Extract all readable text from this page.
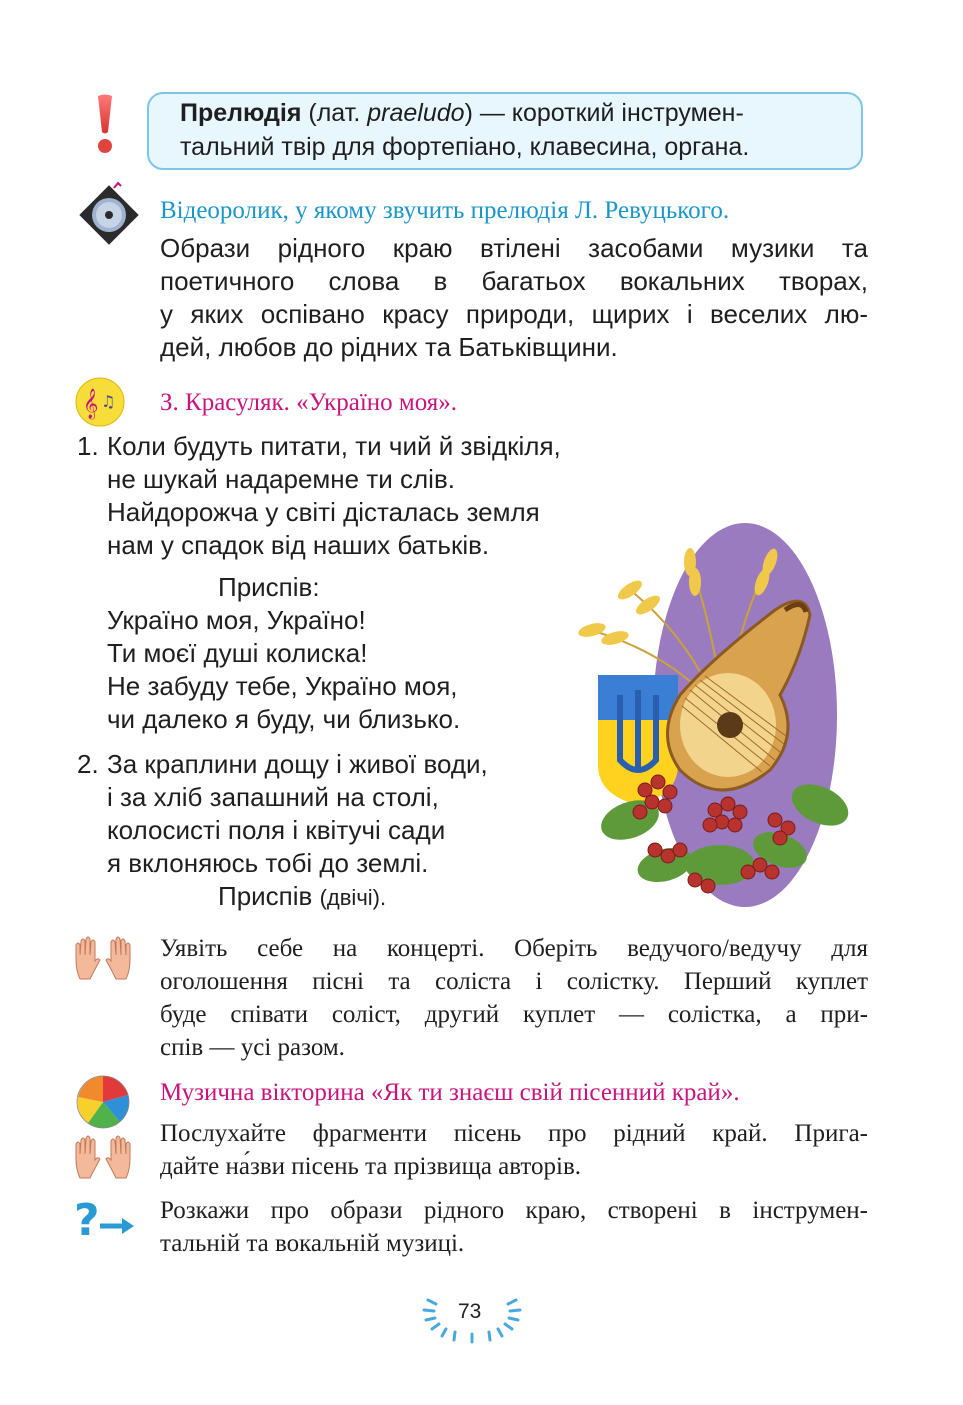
Прелюдія (лат. praeludo) — короткий інструмен-
тальний твір для фортепіано, клавесина, органа.
Відеоролик, у якому звучить прелюдія Л. Ревуцького.
Образи рідного краю втілені засобами музики та
поетичного слова в багатьох вокальних творах,
у яких оспівано красу природи, щирих і веселих лю-
дей, любов до рідних та Батьківщини.
𝄞 ♫ З. Красуляк. «Україно моя».
1. Коли будуть питати, ти чий й звідкіля,
не шукай надаремне ти слів.
Найдорожча у світі дісталась земля
нам у спадок від наших батьків.
Приспів:
Україно моя, Україно!
Ти моєї душі колиска!
Не забуду тебе, Україно моя,
чи далеко я буду, чи близько.
2. За краплини дощу і живої води,
і за хліб запашний на столі,
колосисті поля і квітучі сади
я вклоняюсь тобі до землі.
Приспів (двічі).
Уявіть себе на концерті. Оберіть ведучого/ведучу для
оголошення пісні та соліста і солістку. Перший куплет
буде співати соліст, другий куплет — солістка, а при-
спів — усі разом.
Музична вікторина «Як ти знаєш свій пісенний край».
Послухайте фрагменти пісень про рідний край. Прига-
дайте на́зви пісень та прізвища авторів.
? Розкажи про образи рідного краю, створені в інструмен-
тальній та вокальній музиці.
73
